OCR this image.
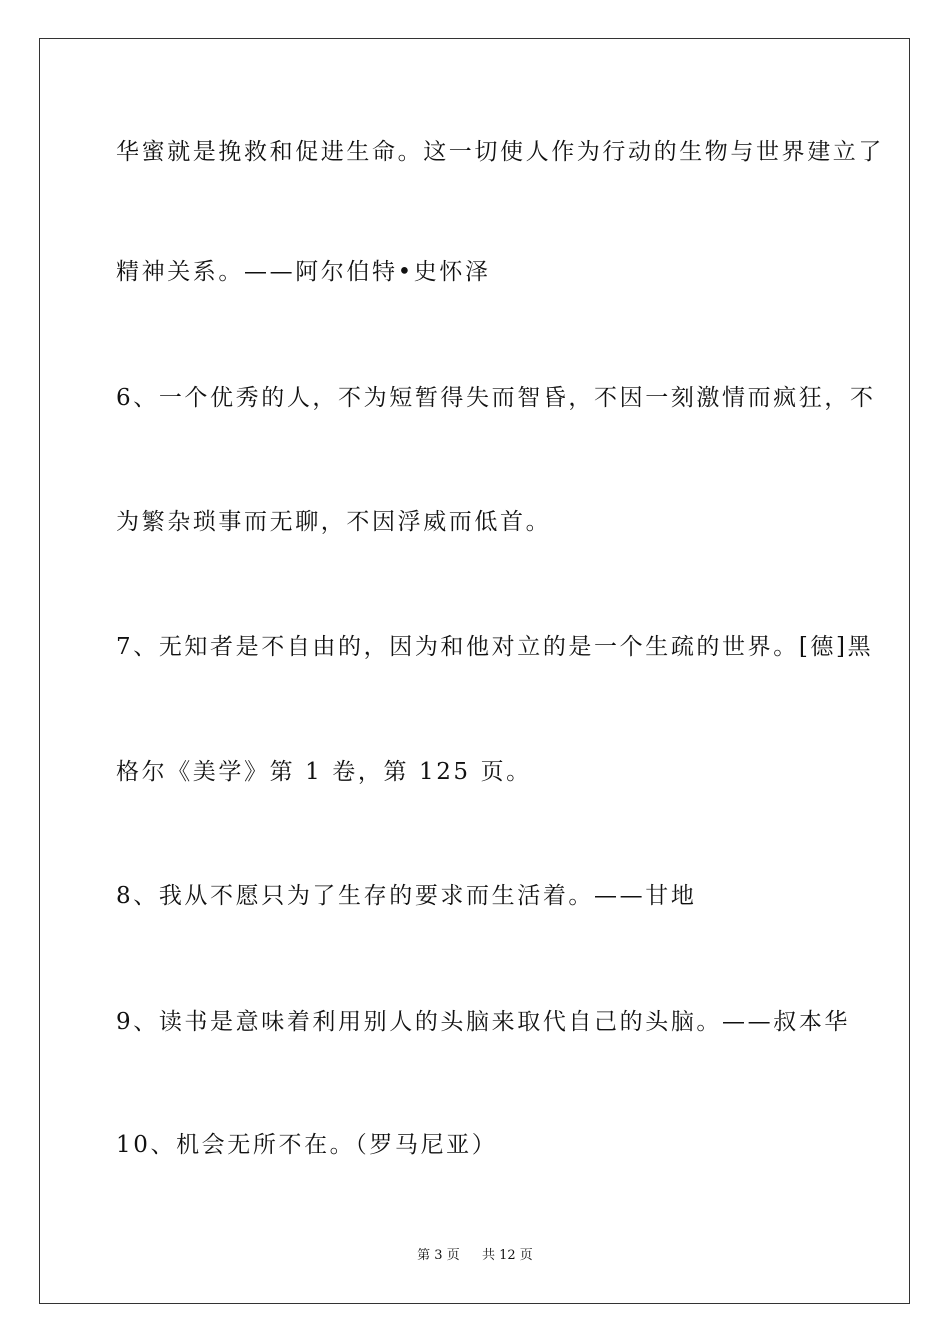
华蜜就是挽救和促进生命。这一切使人作为行动的生物与世界建立了

精神关系。——阿尔伯特•史怀泽

6、一个优秀的人，不为短暂得失而智昏，不因一刻激情而疯狂，不

为繁杂琐事而无聊，不因浮威而低首。

7、无知者是不自由的，因为和他对立的是一个生疏的世界。[德]黑

格尔《美学》第 1 卷，第 125 页。

8、我从不愿只为了生存的要求而生活着。——甘地

9、读书是意味着利用别人的头脑来取代自己的头脑。——叔本华

10、机会无所不在。（罗马尼亚）

第 3 页 共 12 页
